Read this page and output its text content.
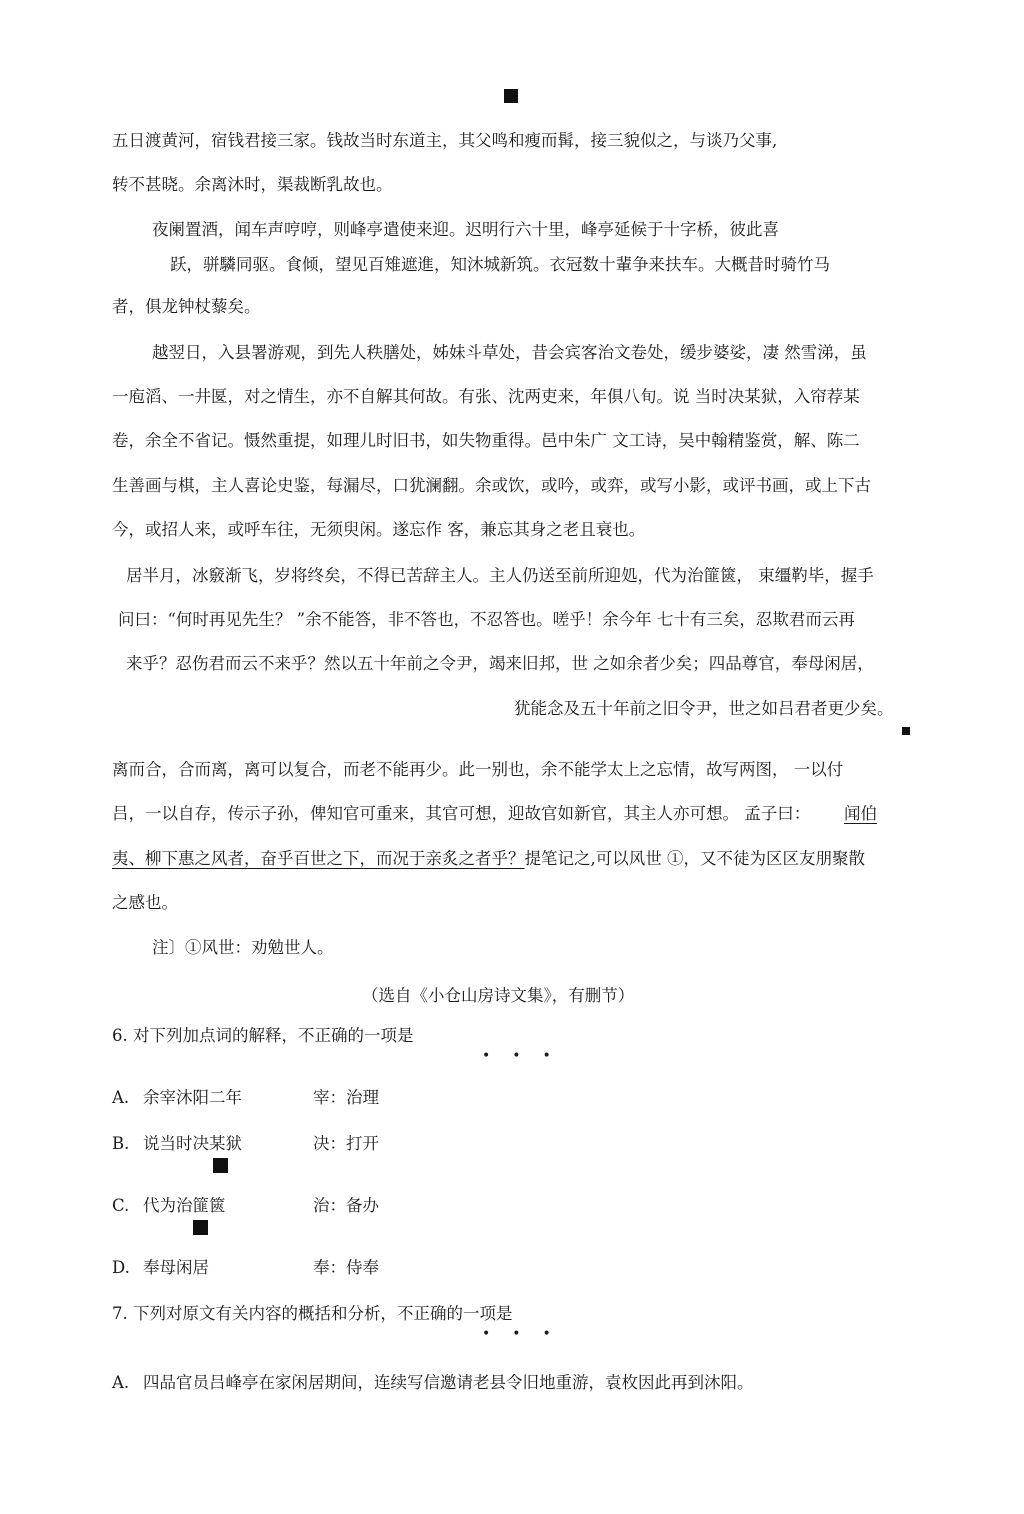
五日渡黄河，宿钱君接三家。钱故当时东道主，其父鸣和瘦而髯，接三貌似之，与谈乃父事,
转不甚晓。余离沐时，渠裁断乳故也。
夜阑置酒，闻车声哼哼，则峰亭遣使来迎。迟明行六十里，峰亭延候于十字桥，彼此喜
跃，骈驎同驱。食倾，望见百雉遮進，知沐城新筑。衣冠数十輩争来扶车。大概昔时骑竹马
者，俱龙钟杖藜矣。
越翌日，入县署游观，到先人秩膳处，姊妹斗草处，昔会宾客治文卷处，缓步婆娑，凄 然雪涕，虽
一庖滔、一井匽，对之情生，亦不自解其何故。有张、沈两吏来，年俱八旬。说 当时决某狱，入帘荐某
卷，余全不省记。慑然重提，如理儿时旧书，如失物重得。邑中朱广 文工诗，吴中翰精鉴赏，解、陈二
生善画与棋，主人喜论史鉴，每漏尽，口犹澜翻。余或饮，或吟，或弈，或写小影，或评书画，或上下古
今，或招人来，或呼车往，无须臾闲。遂忘作 客，兼忘其身之老且衰也。
居半月，冰竅渐飞，岁将终矣，不得已苦辞主人。主人仍送至前所迎処，代为治篚篋， 束缰靮毕，握手
问曰：“何时再见先生？ ”余不能答，非不答也，不忍答也。嗟乎！余今年 七十有三矣，忍欺君而云再
来乎？忍伤君而云不来乎？然以五十年前之令尹，竭来旧邦，世 之如余者少矣；四品尊官，奉母闲居，
犹能念及五十年前之旧令尹，世之如吕君者更少矣。
离而合，合而离，离可以复合，而老不能再少。此一别也，余不能学太上之忘情，故写两图， 一以付
吕，一以自存，传示子孙，俾知官可重来，其官可想，迎故官如新官，其主人亦可想。 孟子曰： 闻伯
夷、柳下惠之风者，奋乎百世之下，而况于亲炙之者乎？提笔记之,可以风世 ①，又不徒为区区友朋聚散
之感也。
注〕①风世：劝勉世人。
（选自《小仓山房诗文集》，有删节）
6. 对下列加点词的解释，不正确的一项是
•••
A. 余宰沐阳二年	宰：治理
B. 说当时决某狱	决：打开
C. 代为治篚篋	治：备办
D. 奉母闲居	奉：侍奉
7. 下列对原文有关内容的概括和分析，不正确的一项是
•••
A. 四品官员吕峰亭在家闲居期间，连续写信邀请老县令旧地重游，袁枚因此再到沐阳。
